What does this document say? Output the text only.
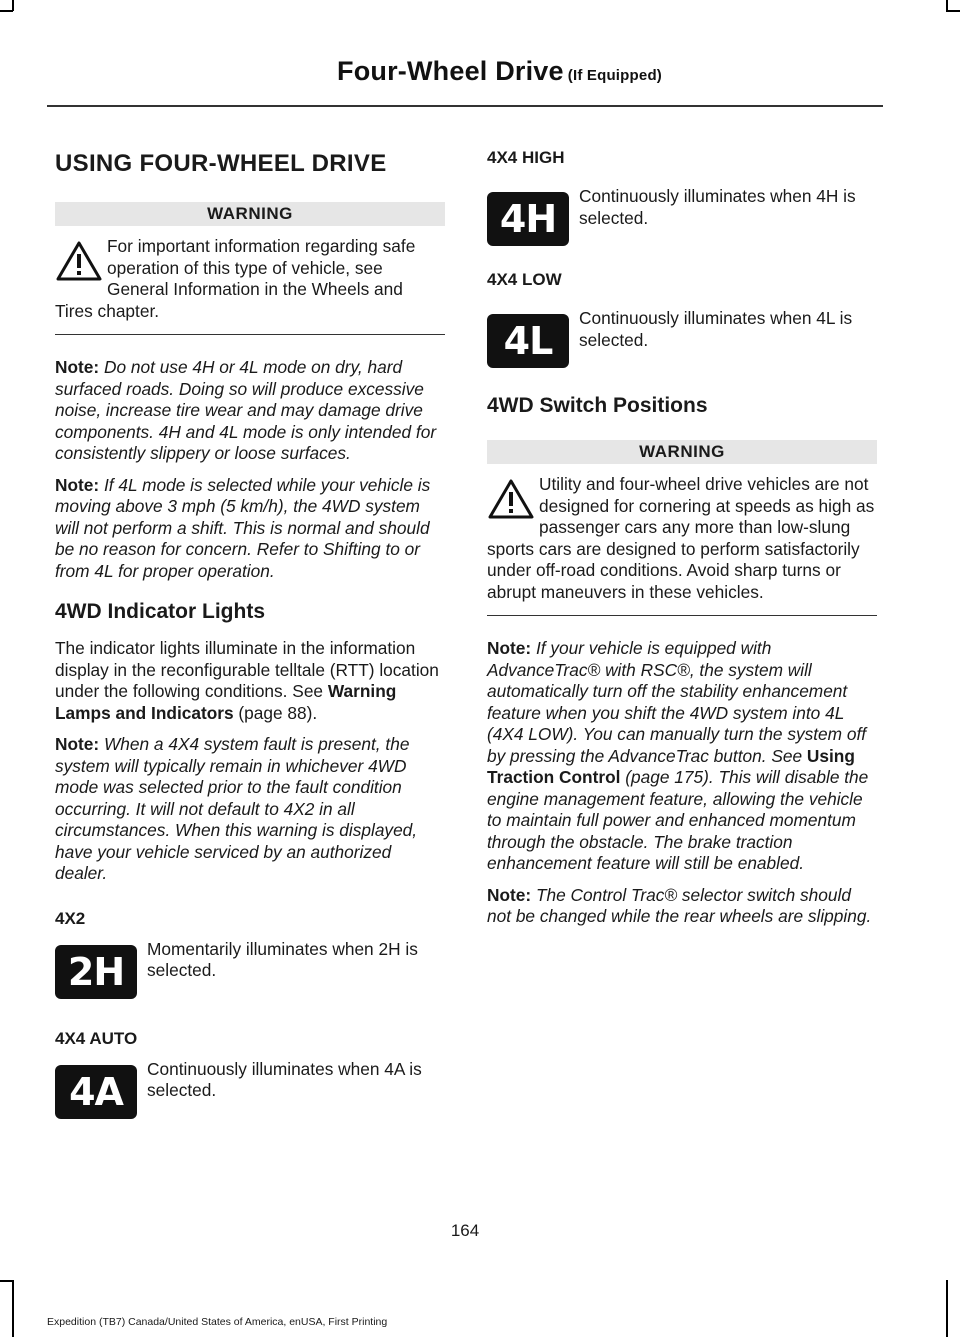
Four-Wheel Drive (If Equipped)
USING FOUR-WHEEL DRIVE
WARNING
For important information regarding safe operation of this type of vehicle, see General Information in the Wheels and Tires chapter.

Note: Do not use 4H or 4L mode on dry, hard surfaced roads. Doing so will produce excessive noise, increase tire wear and may damage drive components. 4H and 4L mode is only intended for consistently slippery or loose surfaces.

Note: If 4L mode is selected while your vehicle is moving above 3 mph (5 km/h), the 4WD system will not perform a shift. This is normal and should be no reason for concern. Refer to Shifting to or from 4L for proper operation.

4WD Indicator Lights

The indicator lights illuminate in the information display in the reconfigurable telltale (RTT) location under the following conditions. See Warning Lamps and Indicators (page 88).

Note: When a 4X4 system fault is present, the system will typically remain in whichever 4WD mode was selected prior to the fault condition occurring. It will not default to 4X2 in all circumstances. When this warning is displayed, have your vehicle serviced by an authorized dealer.

4X2
2H
Momentarily illuminates when 2H is selected.
4X4 AUTO
4A
Continuously illuminates when 4A is selected.
4X4 HIGH
4H
Continuously illuminates when 4H is selected.
4X4 LOW
4L
Continuously illuminates when 4L is selected.
4WD Switch Positions
WARNING
Utility and four-wheel drive vehicles are not designed for cornering at speeds as high as passenger cars any more than low-slung sports cars are designed to perform satisfactorily under off-road conditions. Avoid sharp turns or abrupt maneuvers in these vehicles.

Note: If your vehicle is equipped with AdvanceTrac® with RSC®, the system will automatically turn off the stability enhancement feature when you shift the 4WD system into 4L (4X4 LOW). You can manually turn the system off by pressing the AdvanceTrac button. See Using Traction Control (page 175). This will disable the engine management feature, allowing the vehicle to maintain full power and enhanced momentum through the obstacle. The brake traction enhancement feature will still be enabled.

Note: The Control Trac® selector switch should not be changed while the rear wheels are slipping.

164
Expedition (TB7) Canada/United States of America, enUSA, First Printing
